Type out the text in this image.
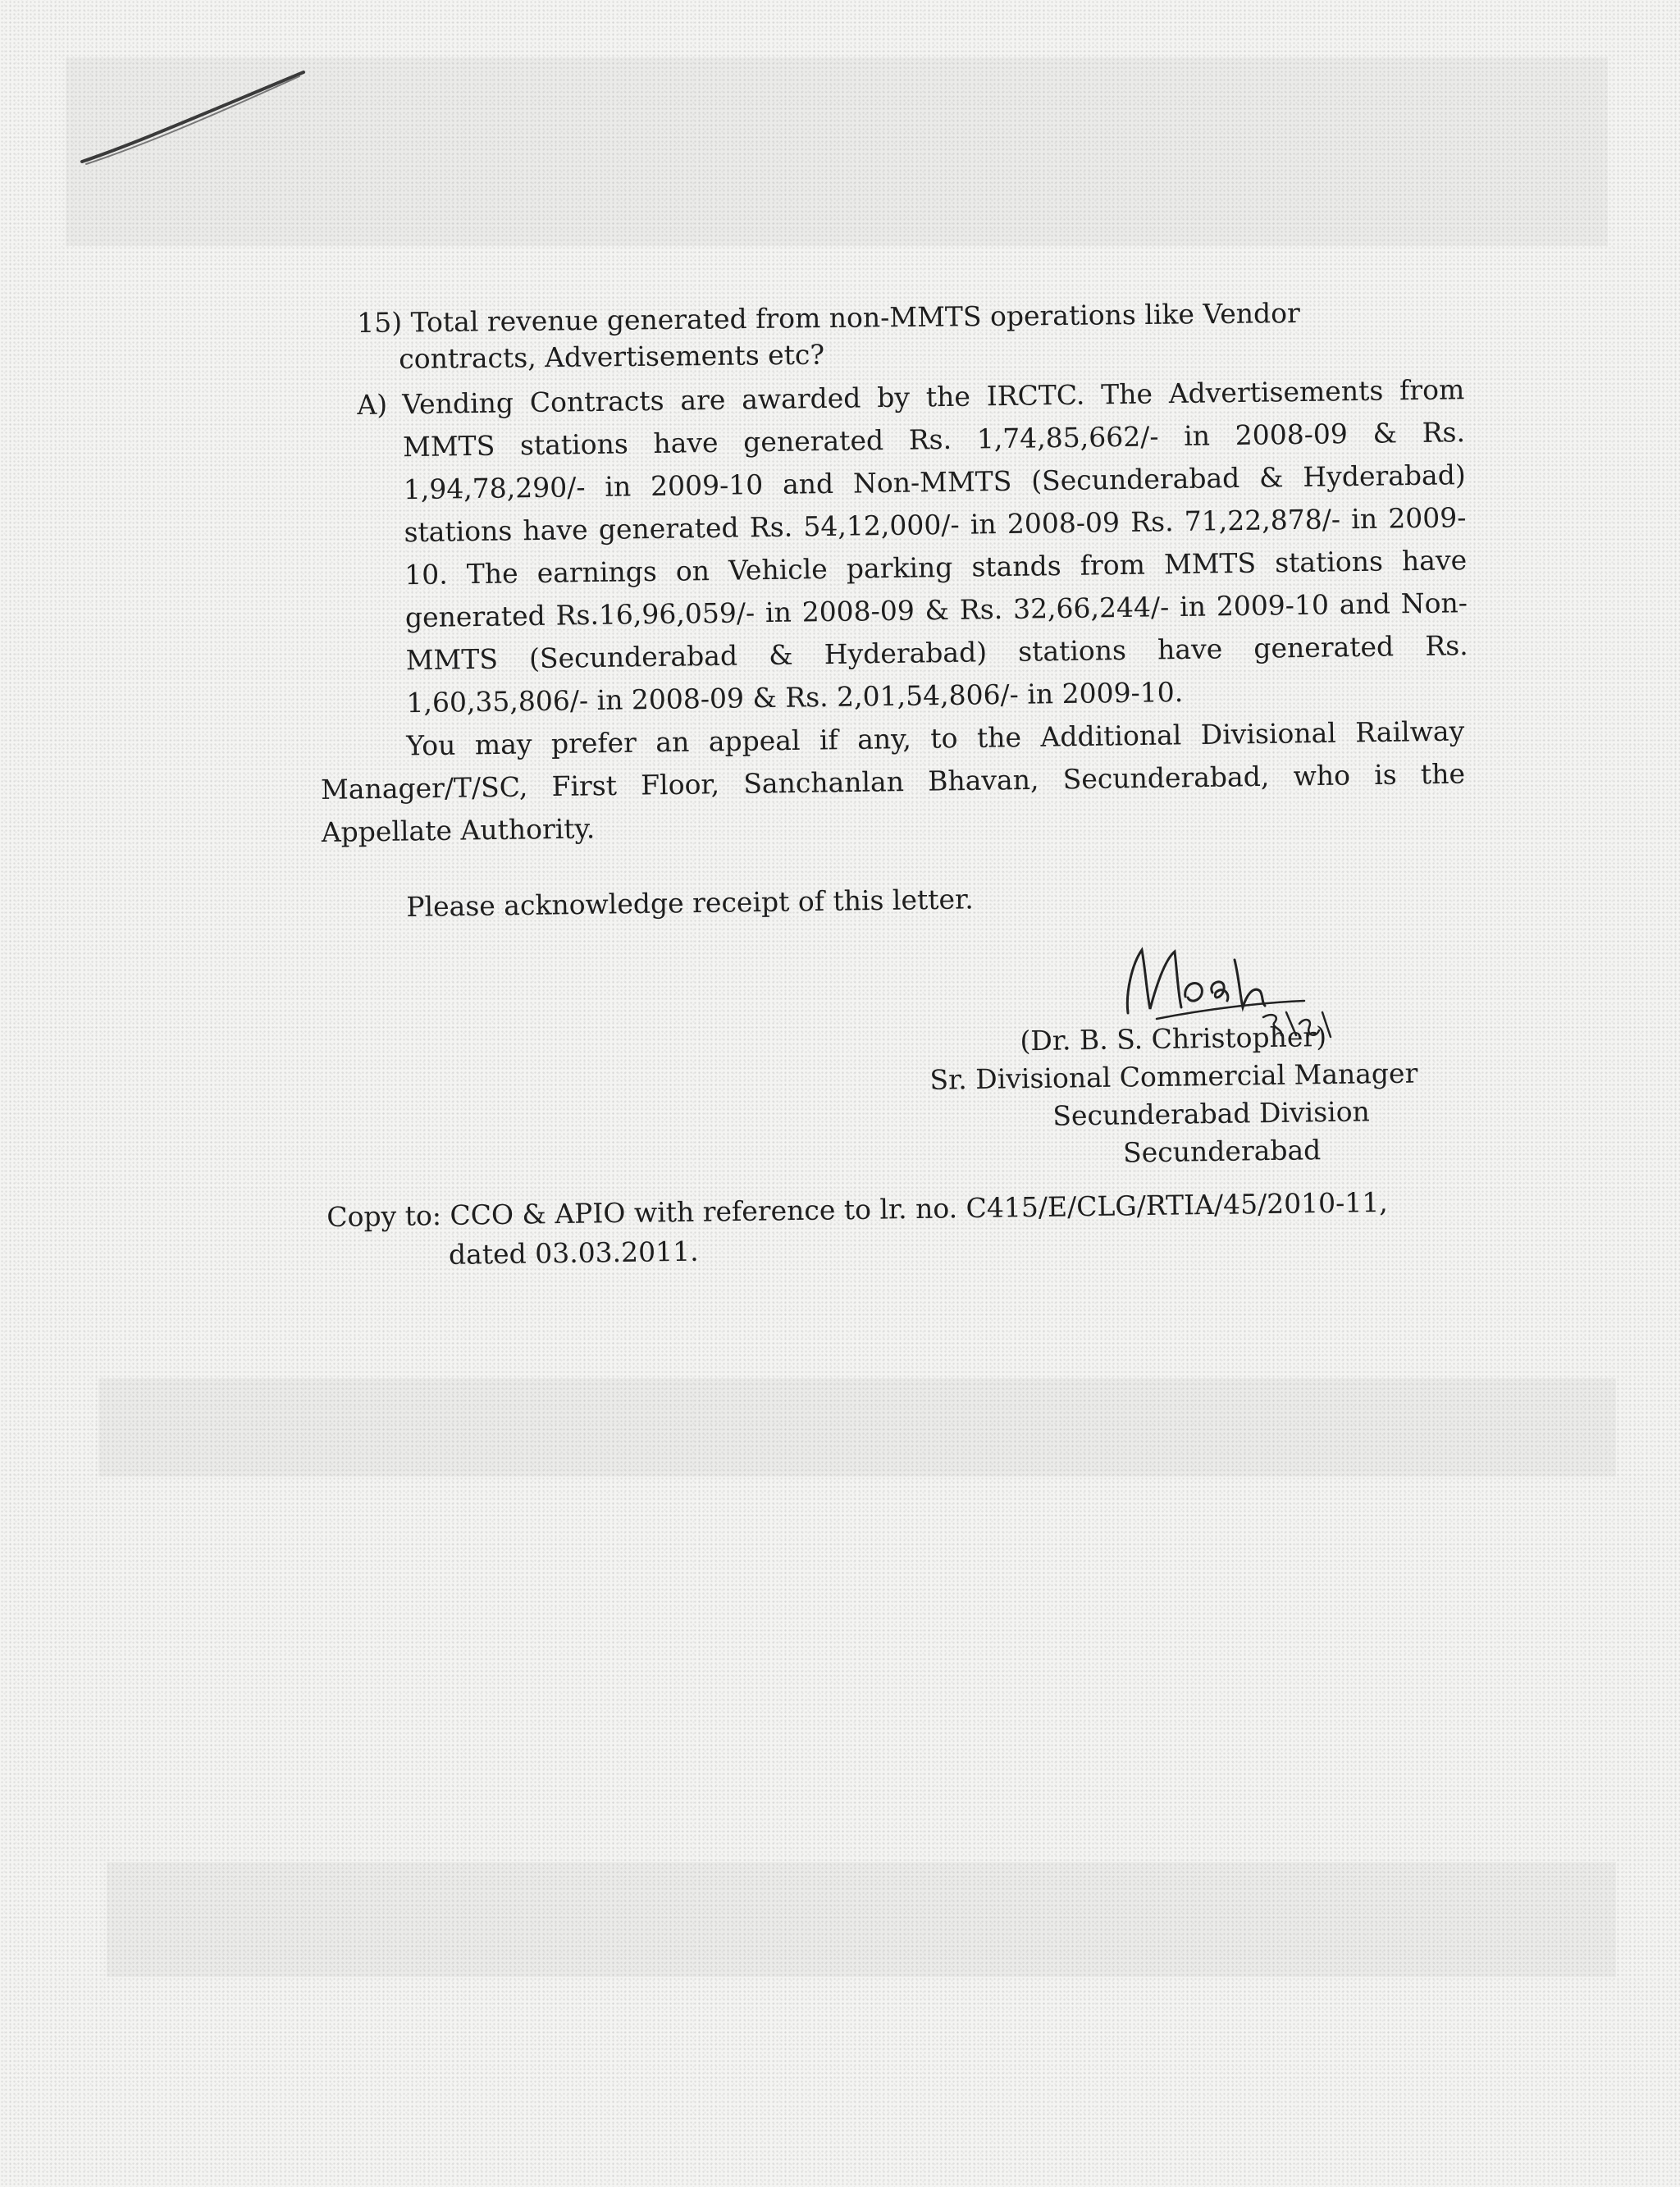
15) Total revenue generated from non-MMTS operations like Vendor
contracts, Advertisements etc?
A) Vending Contracts are awarded by the IRCTC. The Advertisements from MMTS stations have generated Rs. 1,74,85,662/- in 2008-09 & Rs. 1,94,78,290/- in 2009-10 and Non-MMTS (Secunderabad & Hyderabad) stations have generated Rs. 54,12,000/- in 2008-09 Rs. 71,22,878/- in 2009-10. The earnings on Vehicle parking stands from MMTS stations have generated Rs.16,96,059/- in 2008-09 & Rs. 32,66,244/- in 2009-10 and Non-MMTS (Secunderabad & Hyderabad) stations have generated Rs. 1,60,35,806/- in 2008-09 & Rs. 2,01,54,806/- in 2009-10.
You may prefer an appeal if any, to the Additional Divisional Railway Manager/T/SC, First Floor, Sanchanlan Bhavan, Secunderabad, who is the Appellate Authority.
Please acknowledge receipt of this letter.
(Dr. B. S. Christopher)
Sr. Divisional Commercial Manager
Secunderabad Division
Secunderabad
Copy to: CCO & APIO with reference to lr. no. C415/E/CLG/RTIA/45/2010-11,
dated 03.03.2011.
